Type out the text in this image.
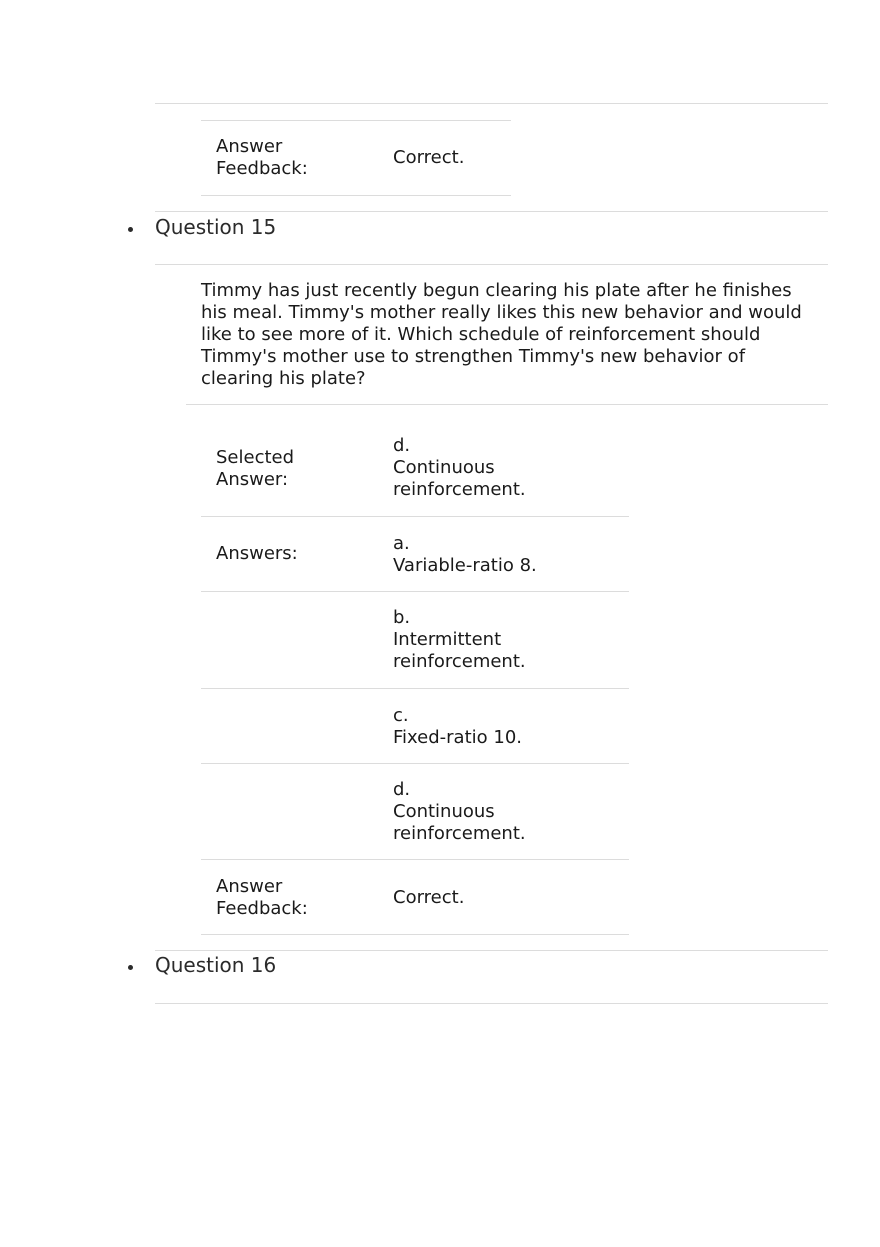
Answer
Feedback:
Correct.
Question 15
Timmy has just recently begun clearing his plate after he finishes his meal. Timmy's mother really likes this new behavior and would like to see more of it. Which schedule of reinforcement should Timmy's mother use to strengthen Timmy's new behavior of clearing his plate?
Selected
Answer:
d.
Continuous
reinforcement.
Answers:	a.
Variable-ratio 8.
b.
Intermittent
reinforcement.
c.
Fixed-ratio 10.
d.
Continuous
reinforcement.
Answer
Feedback:
Correct.
Question 16
